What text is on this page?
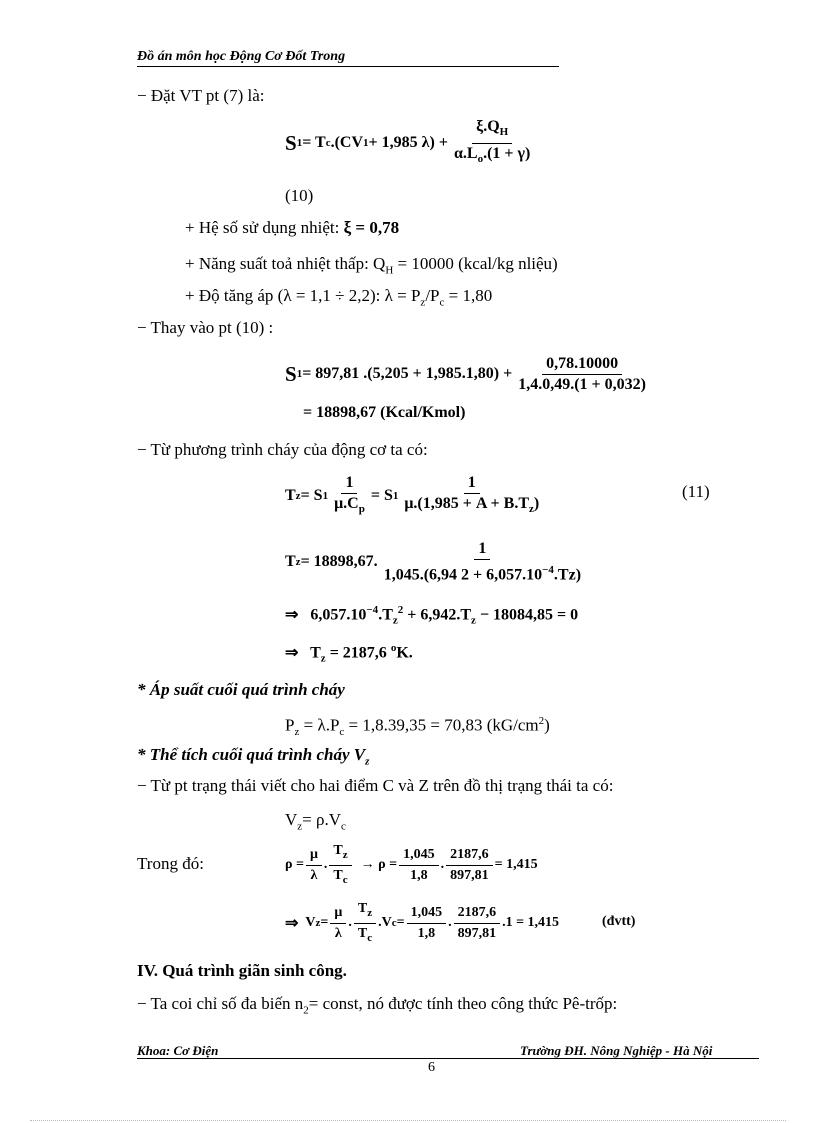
Đồ án môn học Động Cơ Đốt Trong
− Đặt VT pt (7) là:
S 1 = T c .(C V 1 + 1,985 $\lambda) + \frac{\xi.Q_H}{\alpha.L_o.(1 + \gamma)}$
(10)
+ Hệ số sử dụng nhiệt: ξ = 0,78
+ Năng suất toả nhiệt thấp: $Q_H = 10000$ (kcal/kg nliệu)
+ Độ tăng áp (λ = 1,1 ÷ 2,2): $\lambda = P_z/P_c = 1,80$
− Thay vào pt (10) :
S 1 = 897,81 $.(5,205 + 1,985.1,80) + \frac{0,78.10000}{1,4.0,49.(1 + 0,032)}$
= 18898,67 (Kcal/Kmol)
− Từ phương trình cháy của động cơ ta có:
T z = S $1 \frac{1}{\mu.C_p} = S$ $1 \frac{1}{\mu.(1,985 + A + B.T_z)}$	(11)
T z = 18898,67. $\frac{1}{1,045.(6,94 2 + 6,057.10^{-4}.Tz)}$
⇒ $6,057.10^{-4}.T_z^2 + 6,942.T_z - 18084,85 = 0$
⇒ $T_z = 2187,6$ $^o$K.
* Áp suất cuối quá trình cháy
$P_z = \lambda.P_c = 1,8.39,35 = 70,83$ $(kG/cm^2)$
* Thể tích cuối quá trình cháy $V_z$
− Từ pt trạng thái viết cho hai điểm C và Z trên đồ thị trạng thái ta có:
$V_z= \rho.V_c$
Trong đó:	$\rho = \frac{\mu}{\lambda}$ . $\frac{T_z}{T_c}$
→ $\rho = \frac{1,045}{1,8}$ . $\frac{2187,6}{897,81} = 1,415$
⇒
V $z = \frac{\mu}{\lambda}$ . $\frac{T_z}{T_c} .V$ $c = \frac{1,045}{1,8}$ . $\frac{2187,6}{897,81} .1 = 1,415$	(đvtt)
IV. Quá trình giãn sinh công.
− Ta coi chỉ số đa biến $n_2=$ const, nó được tính theo công thức Pê-trốp:
Khoa: Cơ Điện	Trường ĐH. Nông Nghiệp - Hà Nội
6
